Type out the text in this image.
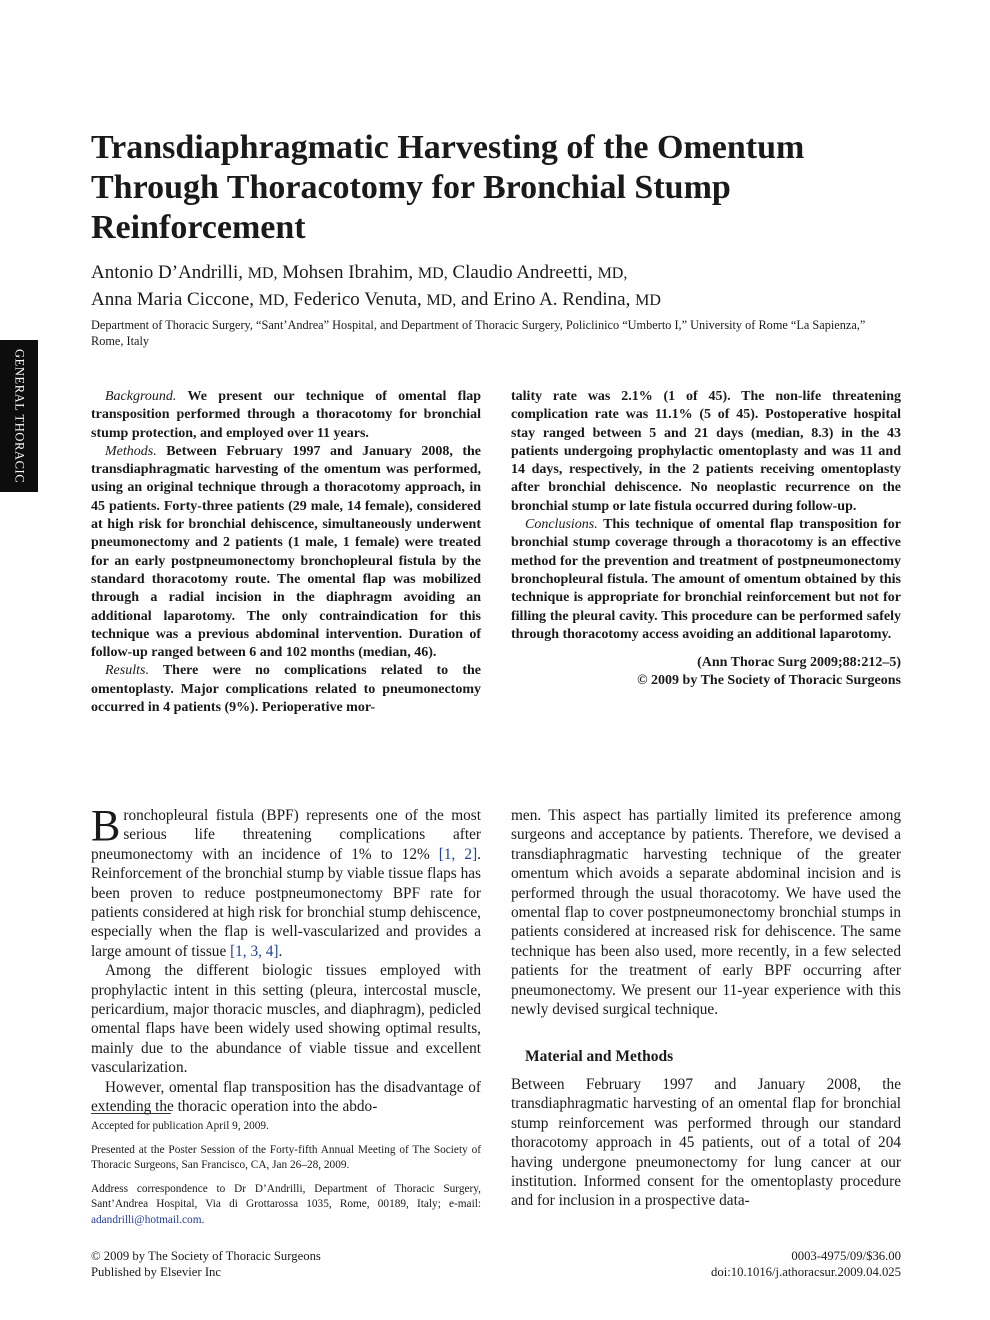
GENERAL THORACIC
Transdiaphragmatic Harvesting of the Omentum Through Thoracotomy for Bronchial Stump Reinforcement
Antonio D’Andrilli, MD, Mohsen Ibrahim, MD, Claudio Andreetti, MD,
Anna Maria Ciccone, MD, Federico Venuta, MD, and Erino A. Rendina, MD
Department of Thoracic Surgery, “Sant’Andrea” Hospital, and Department of Thoracic Surgery, Policlinico “Umberto I,” University of Rome “La Sapienza,” Rome, Italy

Background. We present our technique of omental flap transposition performed through a thoracotomy for bronchial stump protection, and employed over 11 years.

Methods. Between February 1997 and January 2008, the transdiaphragmatic harvesting of the omentum was performed, using an original technique through a thoracotomy approach, in 45 patients. Forty-three patients (29 male, 14 female), considered at high risk for bronchial dehiscence, simultaneously underwent pneumonectomy and 2 patients (1 male, 1 female) were treated for an early postpneumonectomy bronchopleural fistula by the standard thoracotomy route. The omental flap was mobilized through a radial incision in the diaphragm avoiding an additional laparotomy. The only contraindication for this technique was a previous abdominal intervention. Duration of follow-up ranged between 6 and 102 months (median, 46).

Results. There were no complications related to the omentoplasty. Major complications related to pneumonectomy occurred in 4 patients (9%). Perioperative mor-

tality rate was 2.1% (1 of 45). The non-life threatening complication rate was 11.1% (5 of 45). Postoperative hospital stay ranged between 5 and 21 days (median, 8.3) in the 43 patients undergoing prophylactic omentoplasty and was 11 and 14 days, respectively, in the 2 patients receiving omentoplasty after bronchial dehiscence. No neoplastic recurrence on the bronchial stump or late fistula occurred during follow-up.

Conclusions. This technique of omental flap transposition for bronchial stump coverage through a thoracotomy is an effective method for the prevention and treatment of postpneumonectomy bronchopleural fistula. The amount of omentum obtained by this technique is appropriate for bronchial reinforcement but not for filling the pleural cavity. This procedure can be performed safely through thoracotomy access avoiding an additional laparotomy.

(Ann Thorac Surg 2009;88:212–5)
© 2009 by The Society of Thoracic Surgeons

Bronchopleural fistula (BPF) represents one of the most serious life threatening complications after pneumonectomy with an incidence of 1% to 12% [1, 2]. Reinforcement of the bronchial stump by viable tissue flaps has been proven to reduce postpneumonectomy BPF rate for patients considered at high risk for bronchial stump dehiscence, especially when the flap is well-vascularized and provides a large amount of tissue [1, 3, 4].

Among the different biologic tissues employed with prophylactic intent in this setting (pleura, intercostal muscle, pericardium, major thoracic muscles, and diaphragm), pedicled omental flaps have been widely used showing optimal results, mainly due to the abundance of viable tissue and excellent vascularization.

However, omental flap transposition has the disadvantage of extending the thoracic operation into the abdo-

men. This aspect has partially limited its preference among surgeons and acceptance by patients. Therefore, we devised a transdiaphragmatic harvesting technique of the greater omentum which avoids a separate abdominal incision and is performed through the usual thoracotomy. We have used the omental flap to cover postpneumonectomy bronchial stumps in patients considered at increased risk for dehiscence. The same technique has been also used, more recently, in a few selected patients for the treatment of early BPF occurring after pneumonectomy. We present our 11-year experience with this newly devised surgical technique.

Material and Methods

Between February 1997 and January 2008, the transdiaphragmatic harvesting of an omental flap for bronchial stump reinforcement was performed through our standard thoracotomy approach in 45 patients, out of a total of 204 having undergone pneumonectomy for lung cancer at our institution. Informed consent for the omentoplasty procedure and for inclusion in a prospective data-

Accepted for publication April 9, 2009.

Presented at the Poster Session of the Forty-fifth Annual Meeting of The Society of Thoracic Surgeons, San Francisco, CA, Jan 26–28, 2009.

Address correspondence to Dr D’Andrilli, Department of Thoracic Surgery, Sant’Andrea Hospital, Via di Grottarossa 1035, Rome, 00189, Italy; e-mail: adandrilli@hotmail.com.

© 2009 by The Society of Thoracic Surgeons
Published by Elsevier Inc
0003-4975/09/$36.00
doi:10.1016/j.athoracsur.2009.04.025
